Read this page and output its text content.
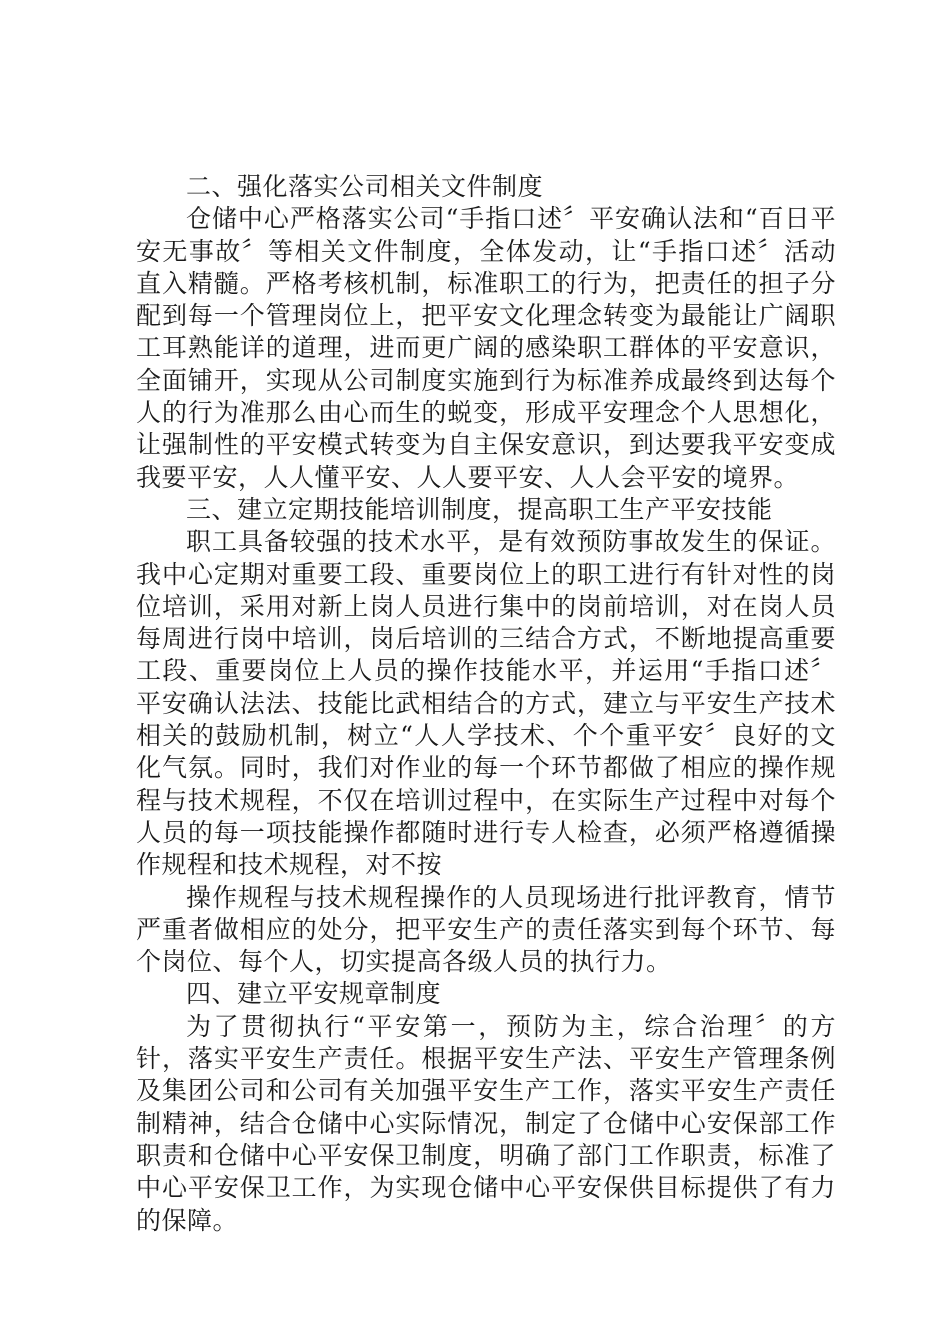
二、强化落实公司相关文件制度

仓储中心严格落实公司“手指口述〞平安确认法和“百日平安无事故〞等相关文件制度，全体发动，让“手指口述〞活动直入精髓。严格考核机制，标准职工的行为，把责任的担子分配到每一个管理岗位上，把平安文化理念转变为最能让广阔职工耳熟能详的道理，进而更广阔的感染职工群体的平安意识，全面铺开，实现从公司制度实施到行为标准养成最终到达每个人的行为准那么由心而生的蜕变，形成平安理念个人思想化，让强制性的平安模式转变为自主保安意识，到达要我平安变成我要平安，人人懂平安、人人要平安、人人会平安的境界。

三、建立定期技能培训制度，提高职工生产平安技能

职工具备较强的技术水平，是有效预防事故发生的保证。我中心定期对重要工段、重要岗位上的职工进行有针对性的岗位培训，采用对新上岗人员进行集中的岗前培训，对在岗人员每周进行岗中培训，岗后培训的三结合方式，不断地提高重要工段、重要岗位上人员的操作技能水平，并运用“手指口述〞平安确认法法、技能比武相结合的方式，建立与平安生产技术相关的鼓励机制，树立“人人学技术、个个重平安〞良好的文化气氛。同时，我们对作业的每一个环节都做了相应的操作规程与技术规程，不仅在培训过程中，在实际生产过程中对每个人员的每一项技能操作都随时进行专人检查，必须严格遵循操作规程和技术规程，对不按

操作规程与技术规程操作的人员现场进行批评教育，情节严重者做相应的处分，把平安生产的责任落实到每个环节、每个岗位、每个人，切实提高各级人员的执行力。

四、建立平安规章制度

为了贯彻执行“平安第一，预防为主，综合治理〞的方针，落实平安生产责任。根据平安生产法、平安生产管理条例及集团公司和公司有关加强平安生产工作，落实平安生产责任制精神，结合仓储中心实际情况，制定了仓储中心安保部工作职责和仓储中心平安保卫制度，明确了部门工作职责，标准了中心平安保卫工作，为实现仓储中心平安保供目标提供了有力的保障。
